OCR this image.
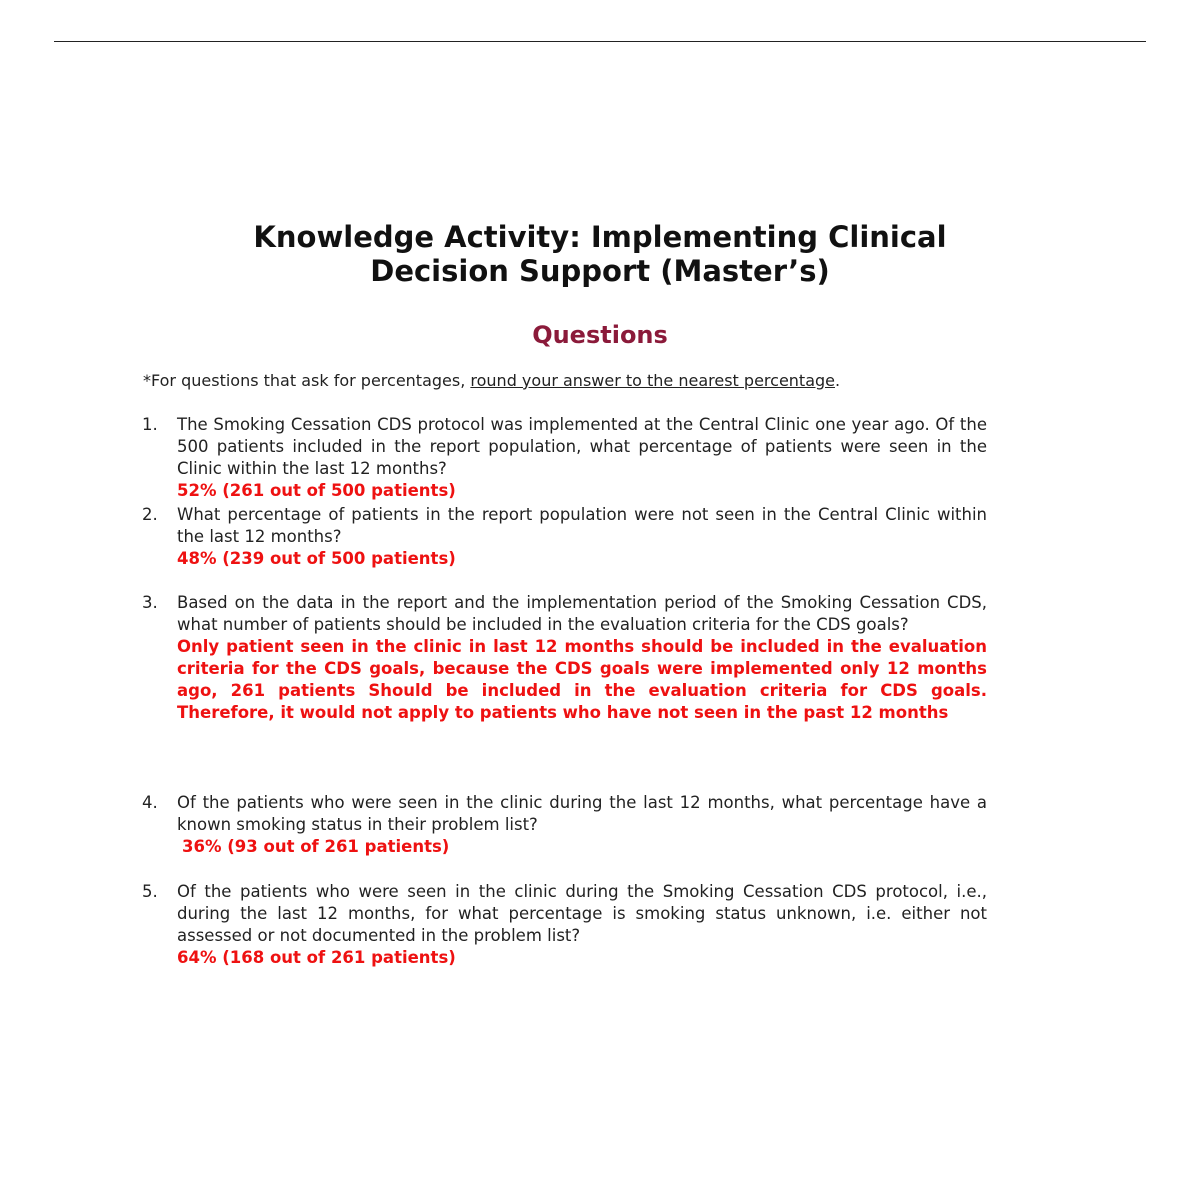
Knowledge Activity: Implementing Clinical
Decision Support (Master’s)
Questions
*For questions that ask for percentages, round your answer to the nearest percentage.
1. The Smoking Cessation CDS protocol was implemented at the Central Clinic one year ago. Of the 500 patients included in the report population, what percentage of patients were seen in the Clinic within the last 12 months?
52% (261 out of 500 patients)
2. What percentage of patients in the report population were not seen in the Central Clinic within the last 12 months?
48% (239 out of 500 patients)
3. Based on the data in the report and the implementation period of the Smoking Cessation CDS, what number of patients should be included in the evaluation criteria for the CDS goals?
Only patient seen in the clinic in last 12 months should be included in the evaluation criteria for the CDS goals, because the CDS goals were implemented only 12 months ago, 261 patients Should be included in the evaluation criteria for CDS goals. Therefore, it would not apply to patients who have not seen in the past 12 months
4. Of the patients who were seen in the clinic during the last 12 months, what percentage have a known smoking status in their problem list?
36% (93 out of 261 patients)
5. Of the patients who were seen in the clinic during the Smoking Cessation CDS protocol, i.e., during the last 12 months, for what percentage is smoking status unknown, i.e. either not assessed or not documented in the problem list?
64% (168 out of 261 patients)
